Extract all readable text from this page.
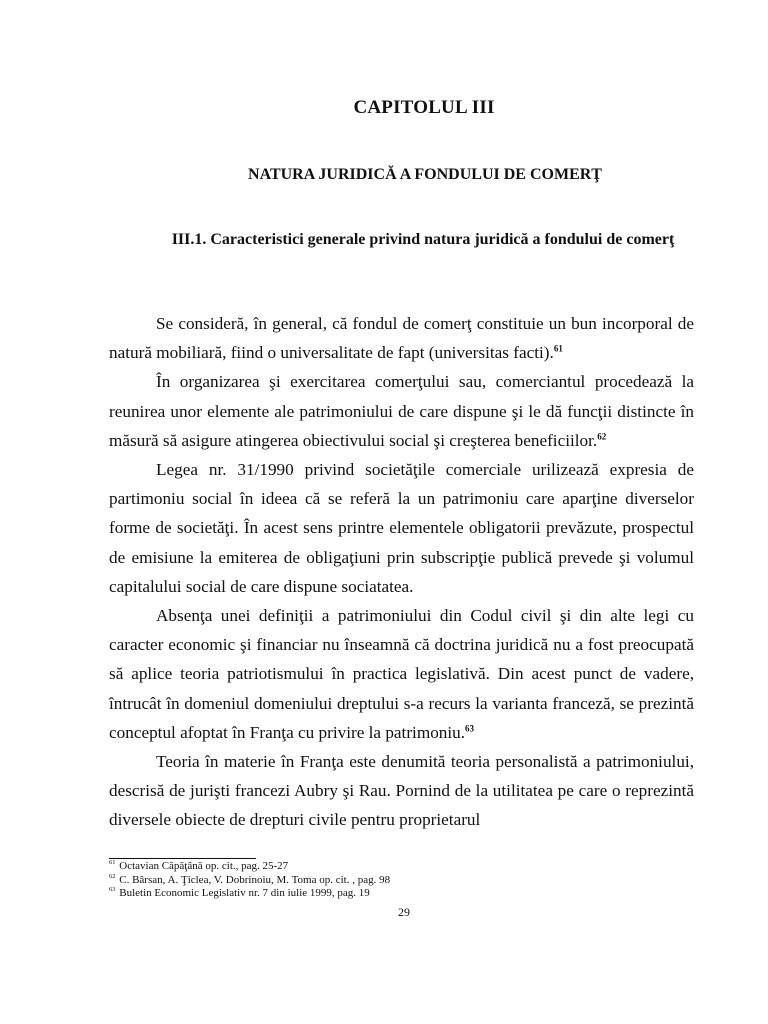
CAPITOLUL III
NATURA JURIDICĂ A FONDULUI DE COMERŢ
III.1. Caracteristici generale privind natura juridică a fondului de comerţ

Se consideră, în general, că fondul de comerţ constituie un bun incorporal de natură mobiliară, fiind o universalitate de fapt (universitas facti).$^{61}$

În organizarea şi exercitarea comerţului sau, comerciantul procedează la reunirea unor elemente ale patrimoniului de care dispune şi le dă funcţii distincte în măsură să asigure atingerea obiectivului social şi creşterea beneficiilor.$^{62}$

Legea nr. 31/1990 privind societăţile comerciale urilizează expresia de partimoniu social în ideea că se referă la un patrimoniu care aparţine diverselor forme de societăţi. În acest sens printre elementele obligatorii prevăzute, prospectul de emisiune la emiterea de obligaţiuni prin subscripţie publică prevede şi volumul capitalului social de care dispune sociatatea.

Absenţa unei definiţii a patrimoniului din Codul civil şi din alte legi cu caracter economic şi financiar nu înseamnă că doctrina juridică nu a fost preocupată să aplice teoria patriotismului în practica legislativă. Din acest punct de vadere, întrucât în domeniul domeniului dreptului s-a recurs la varianta franceză, se prezintă conceptul afoptat în Franţa cu privire la patrimoniu.$^{63}$

Teoria în materie în Franţa este denumită teoria personalistă a patrimoniului, descrisă de jurişti francezi Aubry şi Rau. Pornind de la utilitatea pe care o reprezintă diversele obiecte de drepturi civile pentru proprietarul

$^{61}$ Octavian Căpăţână op. cit., pag. 25-27
$^{62}$ C. Bârsan, A. Ţiclea, V. Dobrinoiu, M. Toma op. cit. , pag. 98
$^{63}$ Buletin Economic Legislativ nr. 7 din iulie 1999, pag. 19
29
